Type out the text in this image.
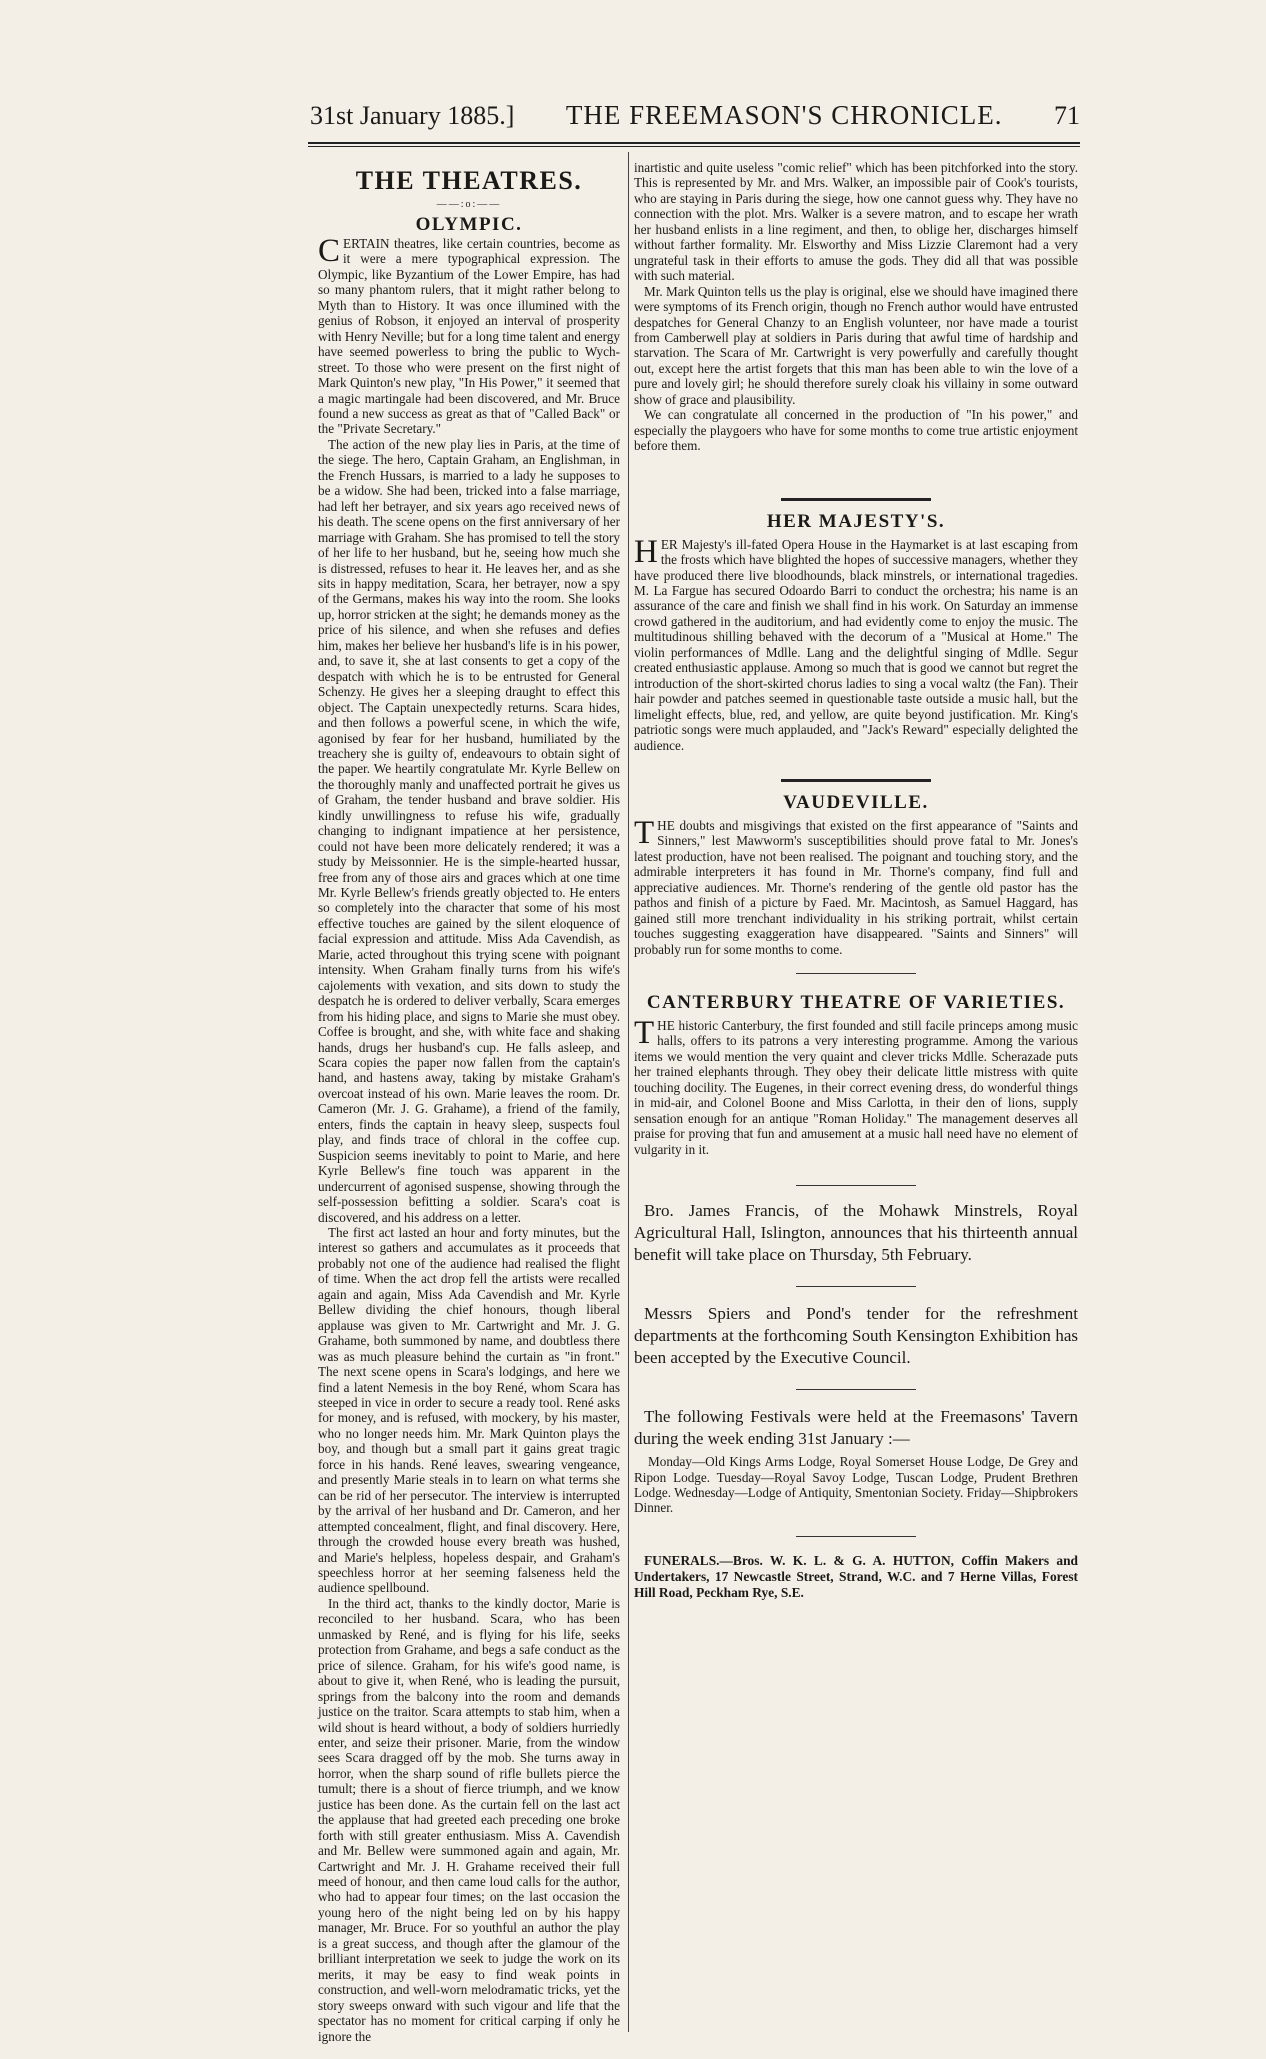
31st January 1885.] THE FREEMASON'S CHRONICLE. 71
THE THEATRES.
——:o:——
OLYMPIC.

CERTAIN theatres, like certain countries, become as it were a mere typographical expression. The Olympic, like Byzantium of the Lower Empire, has had so many phantom rulers, that it might rather belong to Myth than to History. It was once illumined with the genius of Robson, it enjoyed an interval of prosperity with Henry Neville; but for a long time talent and energy have seemed powerless to bring the public to Wych-street. To those who were present on the first night of Mark Quinton's new play, "In His Power," it seemed that a magic martingale had been discovered, and Mr. Bruce found a new success as great as that of "Called Back" or the "Private Secretary."

The action of the new play lies in Paris, at the time of the siege. The hero, Captain Graham, an Englishman, in the French Hussars, is married to a lady he supposes to be a widow. She had been, tricked into a false marriage, had left her betrayer, and six years ago received news of his death. The scene opens on the first anniversary of her marriage with Graham. She has promised to tell the story of her life to her husband, but he, seeing how much she is distressed, refuses to hear it. He leaves her, and as she sits in happy meditation, Scara, her betrayer, now a spy of the Germans, makes his way into the room. She looks up, horror stricken at the sight; he demands money as the price of his silence, and when she refuses and defies him, makes her believe her husband's life is in his power, and, to save it, she at last consents to get a copy of the despatch with which he is to be entrusted for General Schenzy. He gives her a sleeping draught to effect this object. The Captain unexpectedly returns. Scara hides, and then follows a powerful scene, in which the wife, agonised by fear for her husband, humiliated by the treachery she is guilty of, endeavours to obtain sight of the paper. We heartily congratulate Mr. Kyrle Bellew on the thoroughly manly and unaffected portrait he gives us of Graham, the tender husband and brave soldier. His kindly unwillingness to refuse his wife, gradually changing to indignant impatience at her persistence, could not have been more delicately rendered; it was a study by Meissonnier. He is the simple-hearted hussar, free from any of those airs and graces which at one time Mr. Kyrle Bellew's friends greatly objected to. He enters so completely into the character that some of his most effective touches are gained by the silent eloquence of facial expression and attitude. Miss Ada Cavendish, as Marie, acted throughout this trying scene with poignant intensity. When Graham finally turns from his wife's cajolements with vexation, and sits down to study the despatch he is ordered to deliver verbally, Scara emerges from his hiding place, and signs to Marie she must obey. Coffee is brought, and she, with white face and shaking hands, drugs her husband's cup. He falls asleep, and Scara copies the paper now fallen from the captain's hand, and hastens away, taking by mistake Graham's overcoat instead of his own. Marie leaves the room. Dr. Cameron (Mr. J. G. Grahame), a friend of the family, enters, finds the captain in heavy sleep, suspects foul play, and finds trace of chloral in the coffee cup. Suspicion seems inevitably to point to Marie, and here Kyrle Bellew's fine touch was apparent in the undercurrent of agonised suspense, showing through the self-possession befitting a soldier. Scara's coat is discovered, and his address on a letter.

The first act lasted an hour and forty minutes, but the interest so gathers and accumulates as it proceeds that probably not one of the audience had realised the flight of time. When the act drop fell the artists were recalled again and again, Miss Ada Cavendish and Mr. Kyrle Bellew dividing the chief honours, though liberal applause was given to Mr. Cartwright and Mr. J. G. Grahame, both summoned by name, and doubtless there was as much pleasure behind the curtain as "in front." The next scene opens in Scara's lodgings, and here we find a latent Nemesis in the boy René, whom Scara has steeped in vice in order to secure a ready tool. René asks for money, and is refused, with mockery, by his master, who no longer needs him. Mr. Mark Quinton plays the boy, and though but a small part it gains great tragic force in his hands. René leaves, swearing vengeance, and presently Marie steals in to learn on what terms she can be rid of her persecutor. The interview is interrupted by the arrival of her husband and Dr. Cameron, and her attempted concealment, flight, and final discovery. Here, through the crowded house every breath was hushed, and Marie's helpless, hopeless despair, and Graham's speechless horror at her seeming falseness held the audience spellbound.

In the third act, thanks to the kindly doctor, Marie is reconciled to her husband. Scara, who has been unmasked by René, and is flying for his life, seeks protection from Grahame, and begs a safe conduct as the price of silence. Graham, for his wife's good name, is about to give it, when René, who is leading the pursuit, springs from the balcony into the room and demands justice on the traitor. Scara attempts to stab him, when a wild shout is heard without, a body of soldiers hurriedly enter, and seize their prisoner. Marie, from the window sees Scara dragged off by the mob. She turns away in horror, when the sharp sound of rifle bullets pierce the tumult; there is a shout of fierce triumph, and we know justice has been done. As the curtain fell on the last act the applause that had greeted each preceding one broke forth with still greater enthusiasm. Miss A. Cavendish and Mr. Bellew were summoned again and again, Mr. Cartwright and Mr. J. H. Grahame received their full meed of honour, and then came loud calls for the author, who had to appear four times; on the last occasion the young hero of the night being led on by his happy manager, Mr. Bruce. For so youthful an author the play is a great success, and though after the glamour of the brilliant interpretation we seek to judge the work on its merits, it may be easy to find weak points in construction, and well-worn melodramatic tricks, yet the story sweeps onward with such vigour and life that the spectator has no moment for critical carping if only he ignore the

inartistic and quite useless "comic relief" which has been pitchforked into the story. This is represented by Mr. and Mrs. Walker, an impossible pair of Cook's tourists, who are staying in Paris during the siege, how one cannot guess why. They have no connection with the plot. Mrs. Walker is a severe matron, and to escape her wrath her husband enlists in a line regiment, and then, to oblige her, discharges himself without farther formality. Mr. Elsworthy and Miss Lizzie Claremont had a very ungrateful task in their efforts to amuse the gods. They did all that was possible with such material.

Mr. Mark Quinton tells us the play is original, else we should have imagined there were symptoms of its French origin, though no French author would have entrusted despatches for General Chanzy to an English volunteer, nor have made a tourist from Camberwell play at soldiers in Paris during that awful time of hardship and starvation. The Scara of Mr. Cartwright is very powerfully and carefully thought out, except here the artist forgets that this man has been able to win the love of a pure and lovely girl; he should therefore surely cloak his villainy in some outward show of grace and plausibility.

We can congratulate all concerned in the production of "In his power," and especially the playgoers who have for some months to come true artistic enjoyment before them.

HER MAJESTY'S.

HER Majesty's ill-fated Opera House in the Haymarket is at last escaping from the frosts which have blighted the hopes of successive managers, whether they have produced there live bloodhounds, black minstrels, or international tragedies. M. La Fargue has secured Odoardo Barri to conduct the orchestra; his name is an assurance of the care and finish we shall find in his work. On Saturday an immense crowd gathered in the auditorium, and had evidently come to enjoy the music. The multitudinous shilling behaved with the decorum of a "Musical at Home." The violin performances of Mdlle. Lang and the delightful singing of Mdlle. Segur created enthusiastic applause. Among so much that is good we cannot but regret the introduction of the short-skirted chorus ladies to sing a vocal waltz (the Fan). Their hair powder and patches seemed in questionable taste outside a music hall, but the limelight effects, blue, red, and yellow, are quite beyond justification. Mr. King's patriotic songs were much applauded, and "Jack's Reward" especially delighted the audience.

VAUDEVILLE.

THE doubts and misgivings that existed on the first appearance of "Saints and Sinners," lest Mawworm's susceptibilities should prove fatal to Mr. Jones's latest production, have not been realised. The poignant and touching story, and the admirable interpreters it has found in Mr. Thorne's company, find full and appreciative audiences. Mr. Thorne's rendering of the gentle old pastor has the pathos and finish of a picture by Faed. Mr. Macintosh, as Samuel Haggard, has gained still more trenchant individuality in his striking portrait, whilst certain touches suggesting exaggeration have disappeared. "Saints and Sinners" will probably run for some months to come.

CANTERBURY THEATRE OF VARIETIES.

THE historic Canterbury, the first founded and still facile princeps among music halls, offers to its patrons a very interesting programme. Among the various items we would mention the very quaint and clever tricks Mdlle. Scherazade puts her trained elephants through. They obey their delicate little mistress with quite touching docility. The Eugenes, in their correct evening dress, do wonderful things in mid-air, and Colonel Boone and Miss Carlotta, in their den of lions, supply sensation enough for an antique "Roman Holiday." The management deserves all praise for proving that fun and amusement at a music hall need have no element of vulgarity in it.

Bro. James Francis, of the Mohawk Minstrels, Royal Agricultural Hall, Islington, announces that his thirteenth annual benefit will take place on Thursday, 5th February.

Messrs Spiers and Pond's tender for the refreshment departments at the forthcoming South Kensington Exhibition has been accepted by the Executive Council.

The following Festivals were held at the Freemasons' Tavern during the week ending 31st January :—

Monday—Old Kings Arms Lodge, Royal Somerset House Lodge, De Grey and Ripon Lodge. Tuesday—Royal Savoy Lodge, Tuscan Lodge, Prudent Brethren Lodge. Wednesday—Lodge of Antiquity, Smentonian Society. Friday—Shipbrokers Dinner.

FUNERALS.—Bros. W. K. L. & G. A. HUTTON, Coffin Makers and Undertakers, 17 Newcastle Street, Strand, W.C. and 7 Herne Villas, Forest Hill Road, Peckham Rye, S.E.
